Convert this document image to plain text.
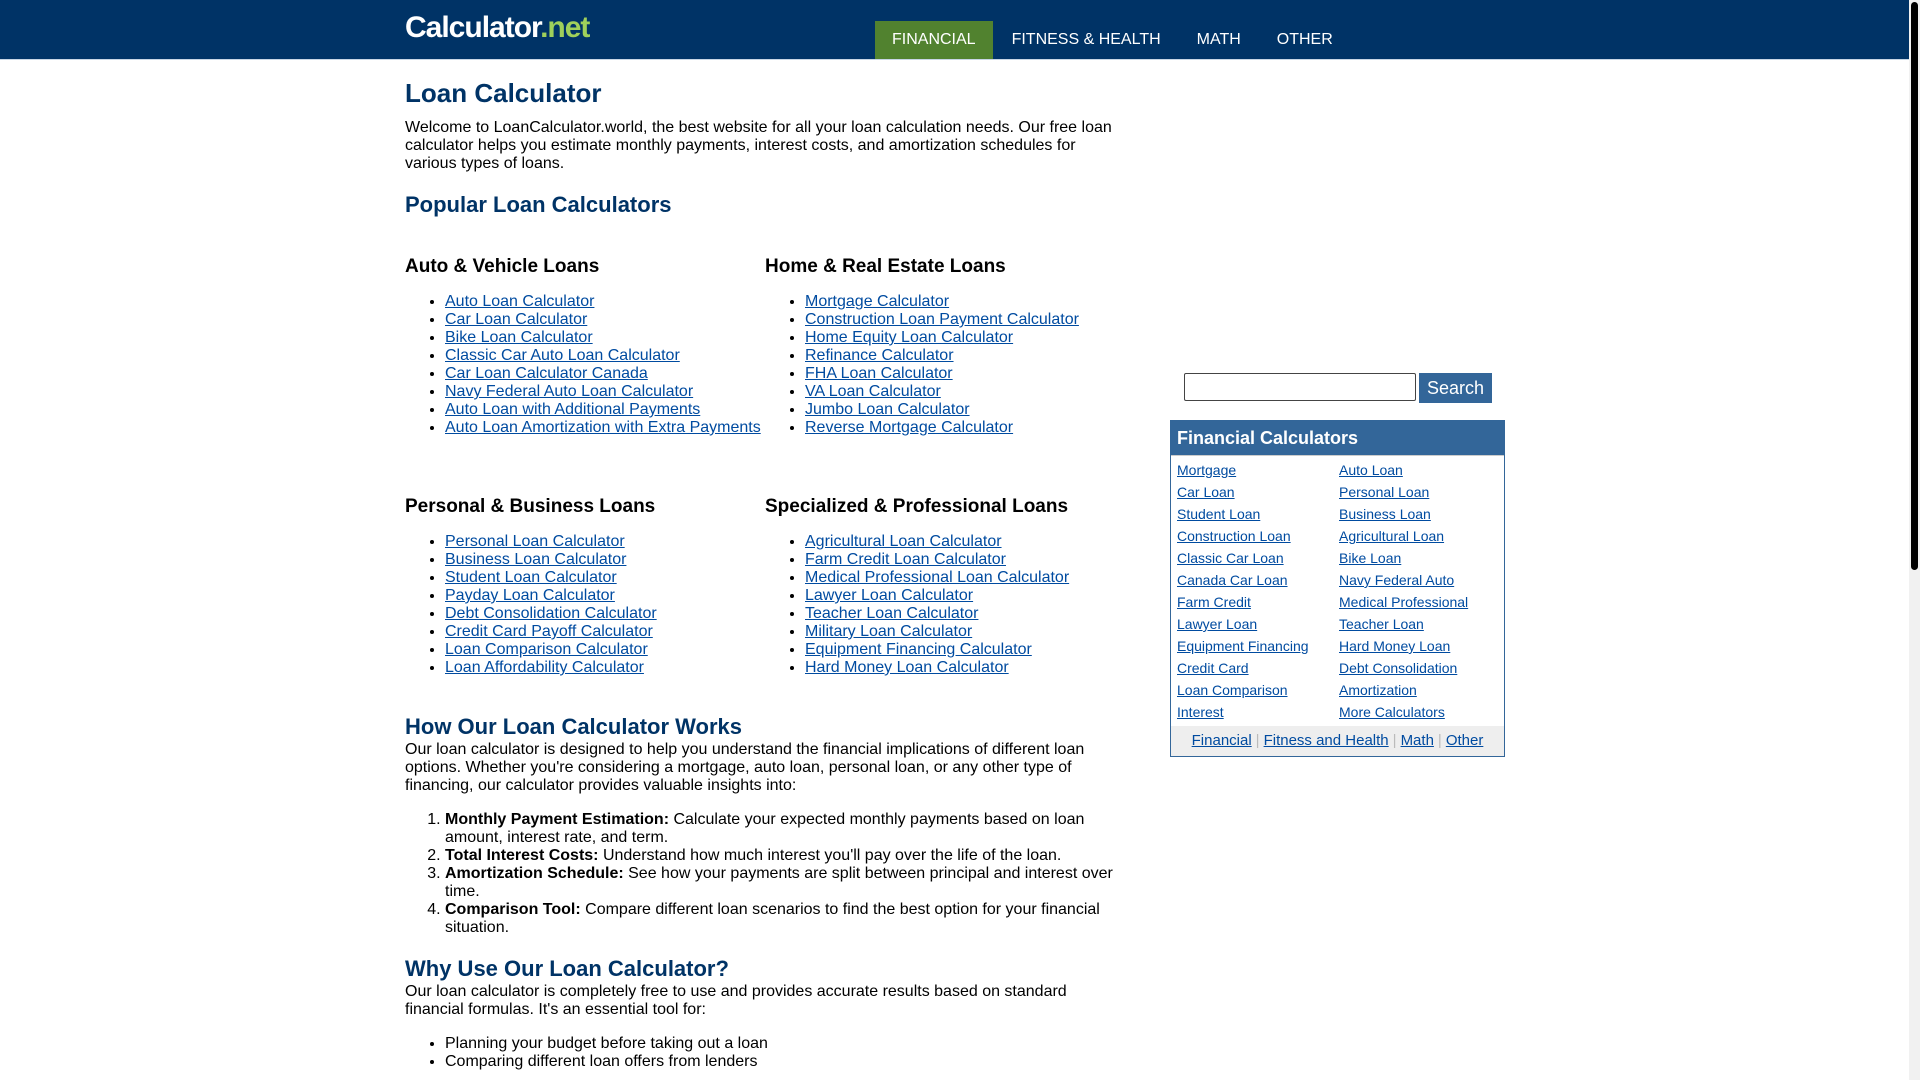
Calculator.net	FINANCIAL	FITNESS & HEALTH	MATH	OTHER
Loan Calculator

Welcome to LoanCalculator.world, the best website for all your loan calculation needs. Our free loan calculator helps you estimate monthly payments, interest costs, and amortization schedules for various types of loans.

Popular Loan Calculators
Auto & Vehicle Loans
• Auto Loan Calculator
• Car Loan Calculator
• Bike Loan Calculator
• Classic Car Auto Loan Calculator
• Car Loan Calculator Canada
• Navy Federal Auto Loan Calculator
• Auto Loan with Additional Payments
• Auto Loan Amortization with Extra Payments
Home & Real Estate Loans
• Mortgage Calculator
• Construction Loan Payment Calculator
• Home Equity Loan Calculator
• Refinance Calculator
• FHA Loan Calculator
• VA Loan Calculator
• Jumbo Loan Calculator
• Reverse Mortgage Calculator
Personal & Business Loans
• Personal Loan Calculator
• Business Loan Calculator
• Student Loan Calculator
• Payday Loan Calculator
• Debt Consolidation Calculator
• Credit Card Payoff Calculator
• Loan Comparison Calculator
• Loan Affordability Calculator
Specialized & Professional Loans
• Agricultural Loan Calculator
• Farm Credit Loan Calculator
• Medical Professional Loan Calculator
• Lawyer Loan Calculator
• Teacher Loan Calculator
• Military Loan Calculator
• Equipment Financing Calculator
• Hard Money Loan Calculator
How Our Loan Calculator Works

Our loan calculator is designed to help you understand the financial implications of different loan options. Whether you're considering a mortgage, auto loan, personal loan, or any other type of financing, our calculator provides valuable insights into:

1. Monthly Payment Estimation: Calculate your expected monthly payments based on loan amount, interest rate, and term.
2. Total Interest Costs: Understand how much interest you'll pay over the life of the loan.
3. Amortization Schedule: See how your payments are split between principal and interest over time.
4. Comparison Tool: Compare different loan scenarios to find the best option for your financial situation.
Why Use Our Loan Calculator?

Our loan calculator is completely free to use and provides accurate results based on standard financial formulas. It's an essential tool for:

• Planning your budget before taking out a loan
• Comparing different loan offers from lenders
Search
Financial Calculators
Mortgage	Auto Loan
Car Loan	Personal Loan
Student Loan	Business Loan
Construction Loan	Agricultural Loan
Classic Car Loan	Bike Loan
Canada Car Loan	Navy Federal Auto
Farm Credit	Medical Professional
Lawyer Loan	Teacher Loan
Equipment Financing	Hard Money Loan
Credit Card	Debt Consolidation
Loan Comparison	Amortization
Interest	More Calculators
Financial | Fitness and Health | Math | Other
